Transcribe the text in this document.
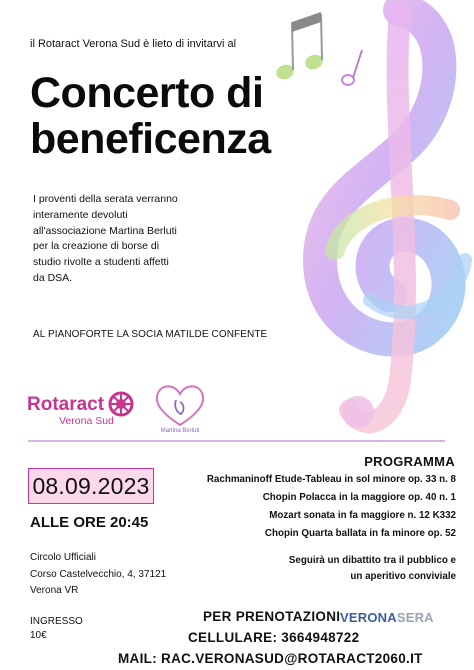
il Rotaract Verona Sud è lieto di invitarvi al
Concerto di
beneficenza
I proventi della serata verranno
interamente devoluti
all'associazione Martina Berluti
per la creazione di borse di
studio rivolte a studenti affetti
da DSA.
AL PIANOFORTE LA SOCIA MATILDE CONFENTE
Rotaract
Verona Sud
Martina Berluti
08.09.2023
ALLE ORE 20:45
Circolo Ufficiali
Corso Castelvecchio, 4, 37121
Verona VR
INGRESSO
10€
PROGRAMMA
Rachmaninoff Etude-Tableau in sol minore op. 33 n. 8
Chopin Polacca in la maggiore op. 40 n. 1
Mozart sonata in fa maggiore n. 12 K332
Chopin Quarta ballata in fa minore op. 52
Seguirà un dibattito tra il pubblico e
un aperitivo conviviale
PER PRENOTAZIONI VERONASERA
CELLULARE: 3664948722
MAIL: RAC.VERONASUD@ROTARACT2060.IT
